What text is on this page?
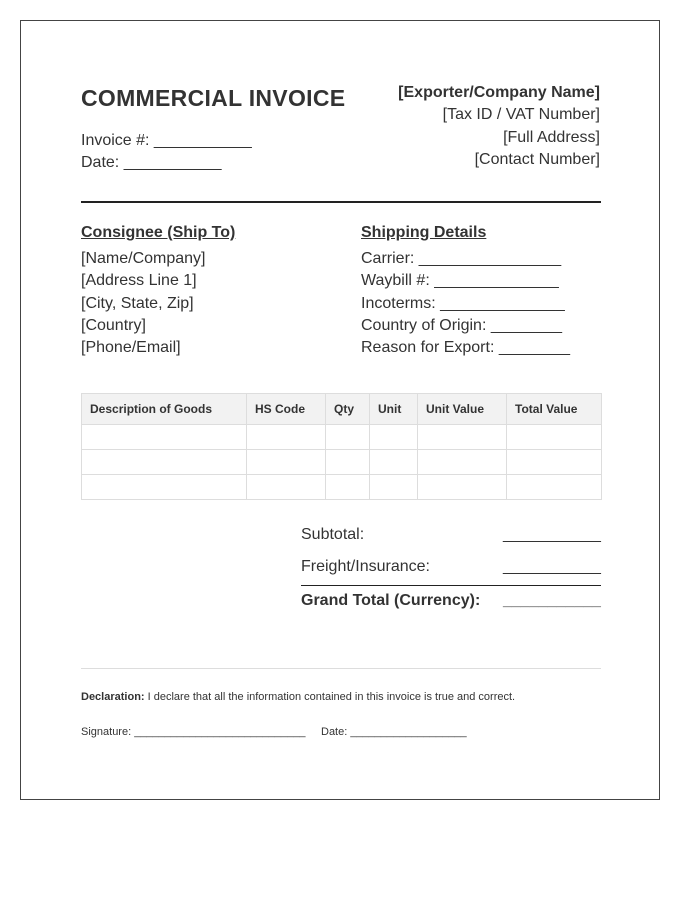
COMMERCIAL INVOICE
Invoice #: ___________
Date: ___________
[Exporter/Company Name]
[Tax ID / VAT Number]
[Full Address]
[Contact Number]
Consignee (Ship To)
[Name/Company]
[Address Line 1]
[City, State, Zip]
[Country]
[Phone/Email]
Shipping Details
Carrier: ________________
Waybill #: ______________
Incoterms: ______________
Country of Origin: ________
Reason for Export: ________
Description of Goods	HS Code	Qty	Unit	Unit Value	Total Value

Subtotal:	___________
Freight/Insurance:	___________
Grand Total (Currency): ___________
Declaration: I declare that all the information contained in this invoice is true and correct.
Signature: ____________________________ Date: ___________________
